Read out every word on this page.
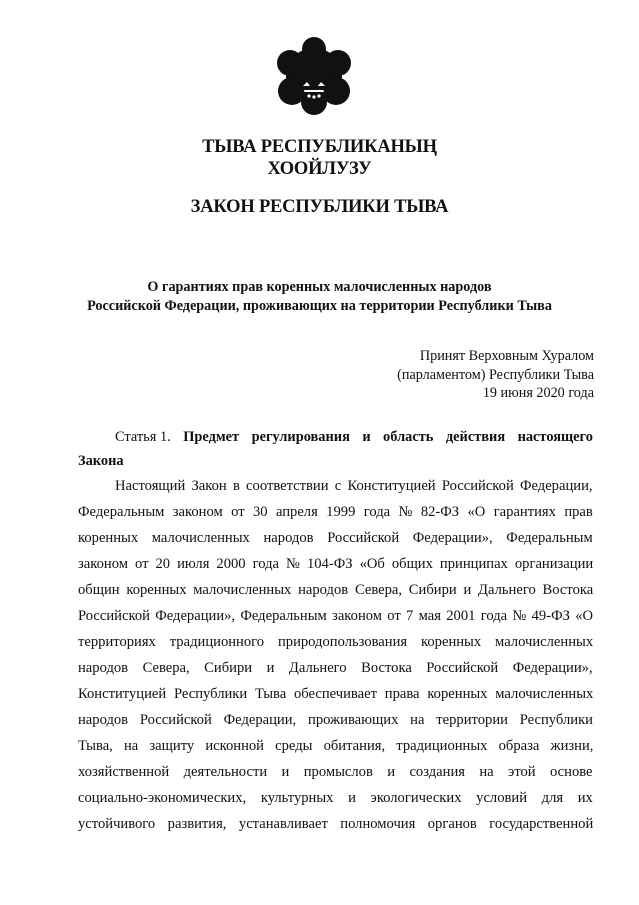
ТЫВА РЕСПУБЛИКАНЫҢ
ХООЙЛУЗУ
ЗАКОН РЕСПУБЛИКИ ТЫВА
О гарантиях прав коренных малочисленных народов
Российской Федерации, проживающих на территории Республики Тыва
Принят Верховным Хуралом
(парламентом) Республики Тыва
19 июня 2020 года
Статья 1. Предмет регулирования и область действия настоящего
Закона
Настоящий Закон в соответствии с Конституцией Российской Федерации,
Федеральным законом от 30 апреля 1999 года № 82-ФЗ «О гарантиях прав
коренных малочисленных народов Российской Федерации», Федеральным
законом от 20 июля 2000 года № 104-ФЗ «Об общих принципах организации
общин коренных малочисленных народов Севера, Сибири и Дальнего Востока
Российской Федерации», Федеральным законом от 7 мая 2001 года № 49-ФЗ «О
территориях традиционного природопользования коренных малочисленных
народов Севера, Сибири и Дальнего Востока Российской Федерации»,
Конституцией Республики Тыва обеспечивает права коренных малочисленных
народов Российской Федерации, проживающих на территории Республики
Тыва, на защиту исконной среды обитания, традиционных образа жизни,
хозяйственной деятельности и промыслов и создания на этой основе
социально-экономических, культурных и экологических условий для их
устойчивого развития, устанавливает полномочия органов государственной
